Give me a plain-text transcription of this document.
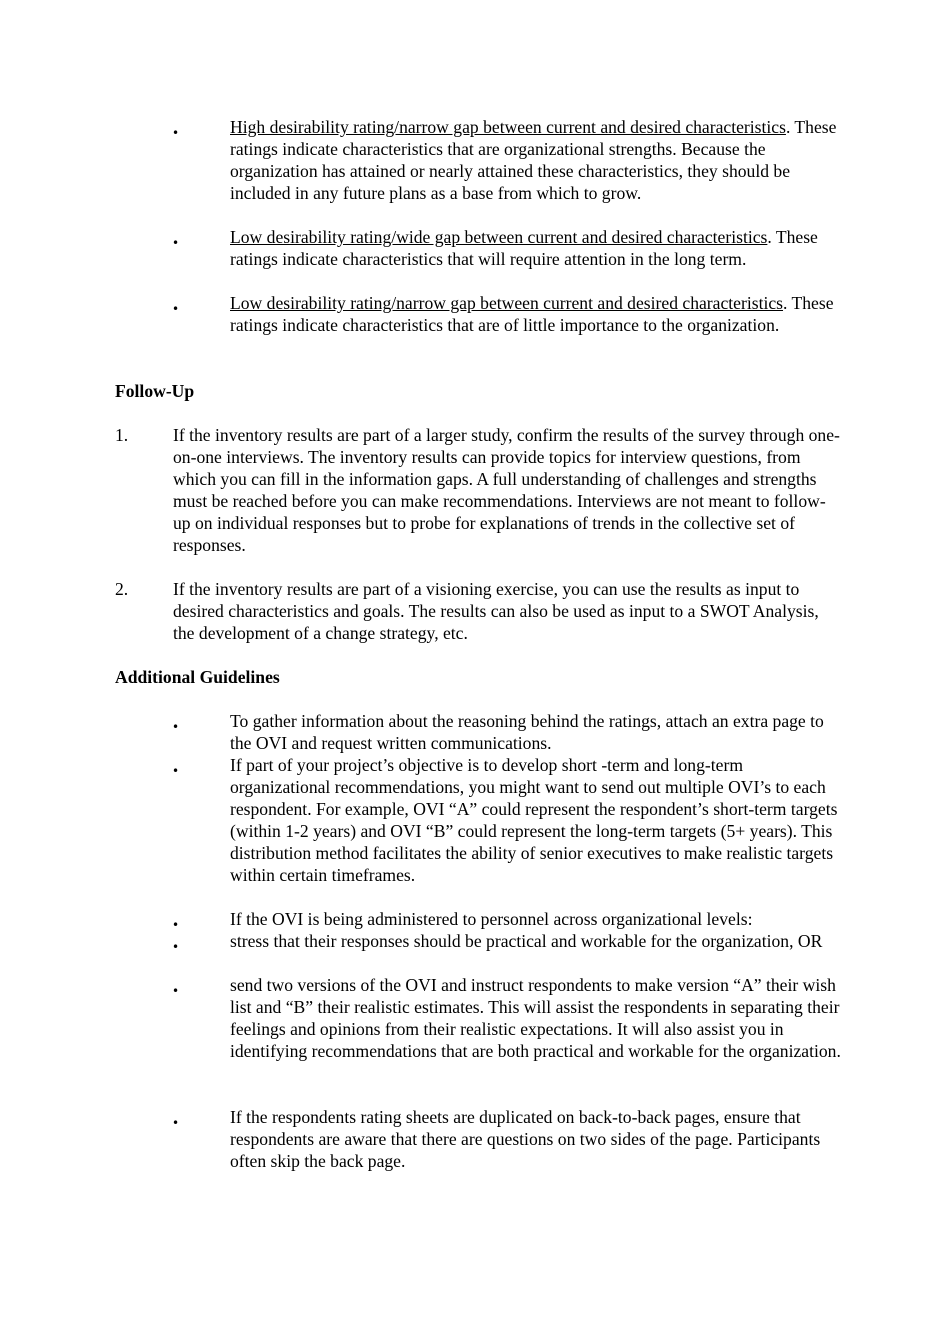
•	High desirability rating/narrow gap between current and desired characteristics. These ratings indicate characteristics that are organizational strengths. Because the organization has attained or nearly attained these characteristics, they should be included in any future plans as a base from which to grow.
•	Low desirability rating/wide gap between current and desired characteristics. These ratings indicate characteristics that will require attention in the long term.
•	Low desirability rating/narrow gap between current and desired characteristics. These ratings indicate characteristics that are of little importance to the organization.
Follow-Up
1.	If the inventory results are part of a larger study, confirm the results of the survey through one-on-one interviews. The inventory results can provide topics for interview questions, from which you can fill in the information gaps. A full understanding of challenges and strengths must be reached before you can make recommendations. Interviews are not meant to follow-up on individual responses but to probe for explanations of trends in the collective set of responses.
2.	If the inventory results are part of a visioning exercise, you can use the results as input to desired characteristics and goals. The results can also be used as input to a SWOT Analysis, the development of a change strategy, etc.
Additional Guidelines
•	To gather information about the reasoning behind the ratings, attach an extra page to the OVI and request written communications.
•	If part of your project’s objective is to develop short -term and long-term organizational recommendations, you might want to send out multiple OVI’s to each respondent. For example, OVI “A” could represent the respondent’s short-term targets (within 1-2 years) and OVI “B” could represent the long-term targets (5+ years). This distribution method facilitates the ability of senior executives to make realistic targets within certain timeframes.
•	If the OVI is being administered to personnel across organizational levels:
•	stress that their responses should be practical and workable for the organization, OR
•	send two versions of the OVI and instruct respondents to make version “A” their wish list and “B” their realistic estimates. This will assist the respondents in separating their feelings and opinions from their realistic expectations. It will also assist you in identifying recommendations that are both practical and workable for the organization.
•	If the respondents rating sheets are duplicated on back-to-back pages, ensure that respondents are aware that there are questions on two sides of the page. Participants often skip the back page.
